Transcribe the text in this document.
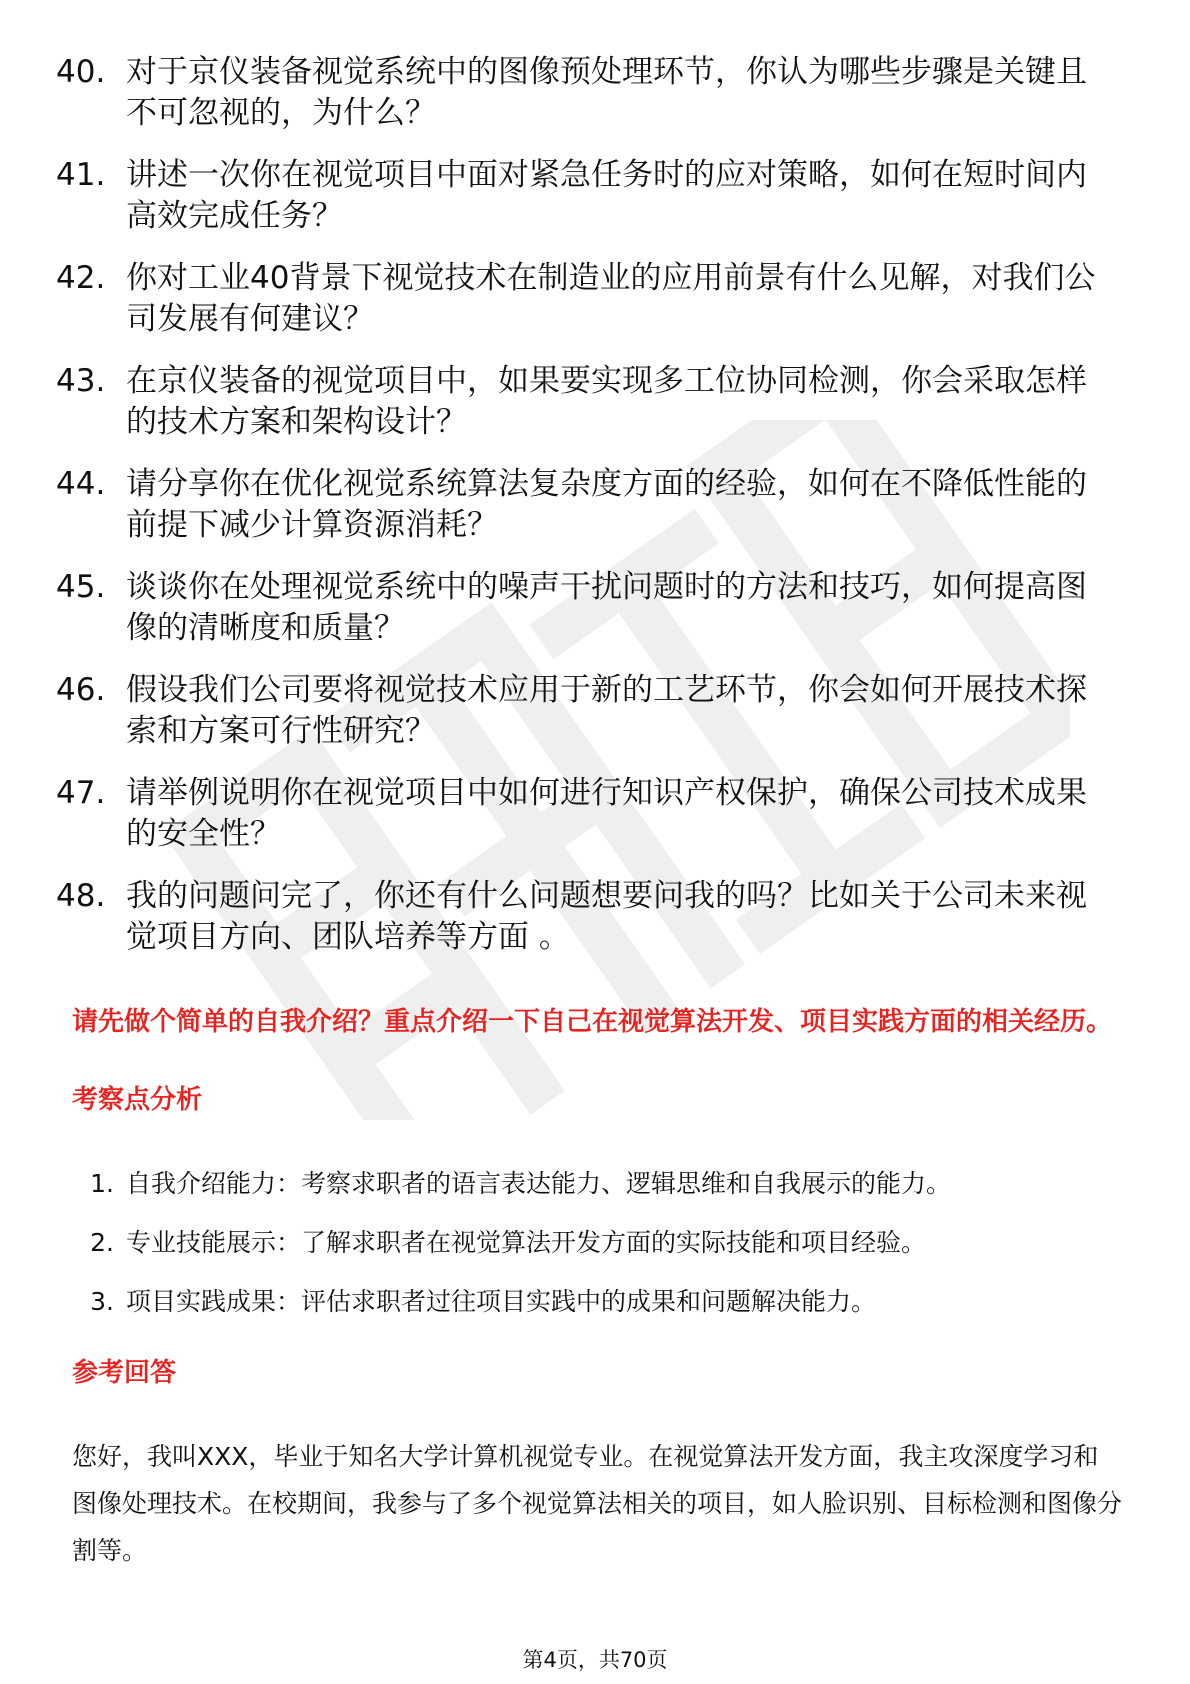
40. 对于京仪装备视觉系统中的图像预处理环节，你认为哪些步骤是关键且不可忽视的，为什么？
41. 讲述一次你在视觉项目中面对紧急任务时的应对策略，如何在短时间内高效完成任务？
42. 你对工业40背景下视觉技术在制造业的应用前景有什么见解，对我们公司发展有何建议？
43. 在京仪装备的视觉项目中，如果要实现多工位协同检测，你会采取怎样的技术方案和架构设计？
44. 请分享你在优化视觉系统算法复杂度方面的经验，如何在不降低性能的前提下减少计算资源消耗？
45. 谈谈你在处理视觉系统中的噪声干扰问题时的方法和技巧，如何提高图像的清晰度和质量？
46. 假设我们公司要将视觉技术应用于新的工艺环节，你会如何开展技术探索和方案可行性研究？
47. 请举例说明你在视觉项目中如何进行知识产权保护，确保公司技术成果的安全性？
48. 我的问题问完了，你还有什么问题想要问我的吗？比如关于公司未来视觉项目方向、团队培养等方面 。

请先做个简单的自我介绍？重点介绍一下自己在视觉算法开发、项目实践方面的相关经历。

考察点分析
1. 自我介绍能力：考察求职者的语言表达能力、逻辑思维和自我展示的能力。
2. 专业技能展示：了解求职者在视觉算法开发方面的实际技能和项目经验。
3. 项目实践成果：评估求职者过往项目实践中的成果和问题解决能力。
参考回答

您好，我叫XXX，毕业于知名大学计算机视觉专业。在视觉算法开发方面，我主攻深度学习和图像处理技术。在校期间，我参与了多个视觉算法相关的项目，如人脸识别、目标检测和图像分割等。

第4页，共70页
